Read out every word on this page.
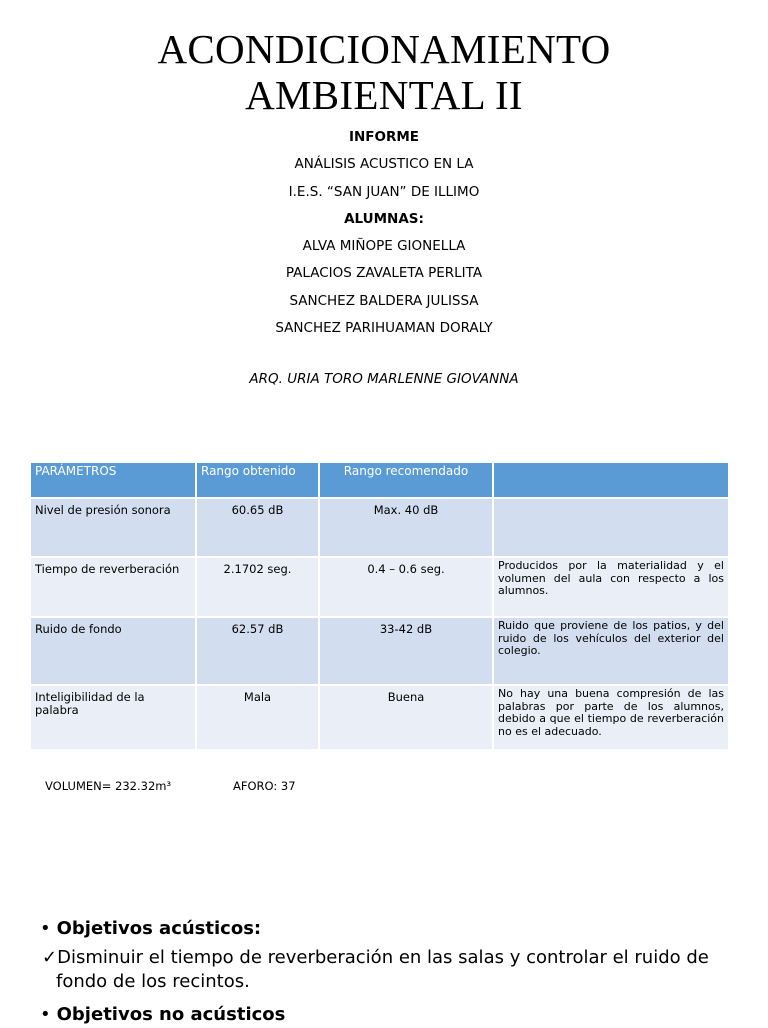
ACONDICIONAMIENTO
AMBIENTAL II
INFORME
ANÁLISIS ACUSTICO EN LA
I.E.S. “SAN JUAN” DE ILLIMO
ALUMNAS:
ALVA MIÑOPE GIONELLA
PALACIOS ZAVALETA PERLITA
SANCHEZ BALDERA JULISSA
SANCHEZ PARIHUAMAN DORALY
ARQ. URIA TORO MARLENNE GIOVANNA
PARÁMETROS	Rango obtenido	Rango recomendado	
Nivel de presión sonora	60.65 dB	Max. 40 dB	
Tiempo de reverberación	2.1702 seg.	0.4 – 0.6 seg.	Producidos por la materialidad y el volumen del aula con respecto a los alumnos.
Ruido de fondo	62.57 dB	33-42 dB	Ruido que proviene de los patios, y del ruido de los vehículos del exterior del colegio.
Inteligibilidad de la palabra	Mala	Buena	No hay una buena compresión de las palabras por parte de los alumnos, debido a que el tiempo de reverberación no es el adecuado.
VOLUMEN= 232.32m³	AFORO: 37
• Objetivos acústicos:
✓Disminuir el tiempo de reverberación en las salas y controlar el ruido de fondo de los recintos.
• Objetivos no acústicos
